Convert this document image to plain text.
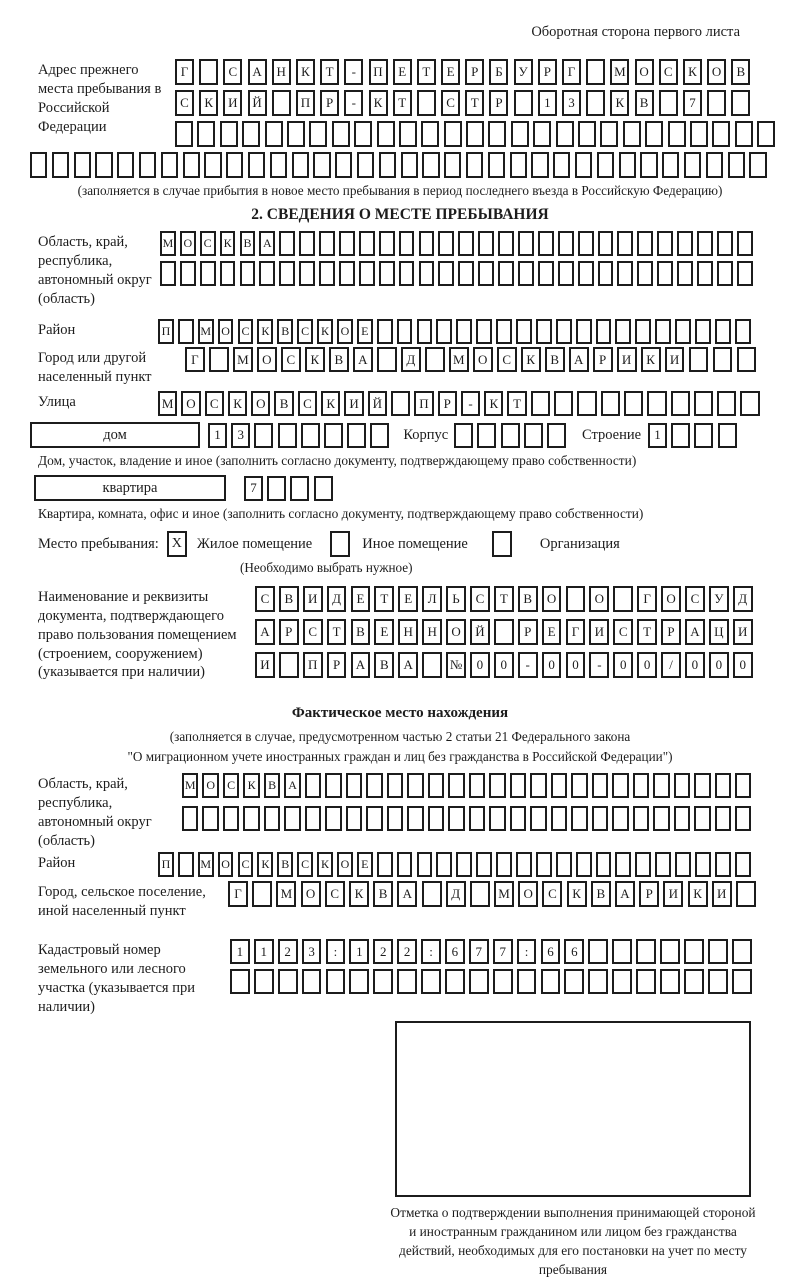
Оборотная сторона первого листа
Адрес прежнего места пребывания в Российской Федерации
Г	С	А	Н	К	Т	-	П	Е	Т	Е	Р	Б	У	Р	Г	М	О	С	К	О	В
С	К	И	Й	П	Р	-	К	Т	С	Т	Р	1	3	К	В	7
(заполняется в случае прибытия в новое место пребывания в период последнего въезда в Российскую Федерацию)
2. СВЕДЕНИЯ О МЕСТЕ ПРЕБЫВАНИЯ
Область, край, республика, автономный округ (область)
М О С К В А
Район	П	М О С К В С К О Е
Город или другой населенный пункт
Г	М	О	С	К	В	А	Д	М	О	С	К	В	А	Р	И	К	И
Улица	М О	С	К	О	В	С	К	И	Й	П	Р	-	К	Т
дом	1	3	Корпус	Строение	1
Дом, участок, владение и иное (заполнить согласно документу, подтверждающему право собственности)
квартира	7
Квартира, комната, офис и иное (заполнить согласно документу, подтверждающему право собственности)
Место пребывания: X Жилое помещение	Иное помещение	Организация
(Необходимо выбрать нужное)
Наименование и реквизиты документа, подтверждающего право пользования помещением (строением, сооружением) (указывается при наличии)
С	В	И	Д	Е	Т	Е	Л	Ь	С	Т	В	О	О	Г	О	С	У	Д
А	Р	С	Т	В	Е	Н	Н	О	Й	Р	Е	Г	И	С	Т	Р	А	Ц	И
И	П	Р	А	В	А	№	0	0	-	0	0	-	0	0	/	0	0	0
Фактическое место нахождения
(заполняется в случае, предусмотренном частью 2 статьи 21 Федерального закона
"О миграционном учете иностранных граждан и лиц без гражданства в Российской Федерации")
Область, край, республика, автономный округ (область)
М О	С	К	В	А
Район	П	М О С К В С К О Е
Город, сельское поселение, иной населенный пункт
Г	М	О	С	К	В	А	Д	М	О	С	К	В	А	Р	И	К	И
Кадастровый номер земельного или лесного участка (указывается при наличии)
1	1	2	3	:	1	2	2	:	6	7	7	:	6	6
Отметка о подтверждении выполнения принимающей стороной и иностранным гражданином или лицом без гражданства действий, необходимых для его постановки на учет по месту пребывания
